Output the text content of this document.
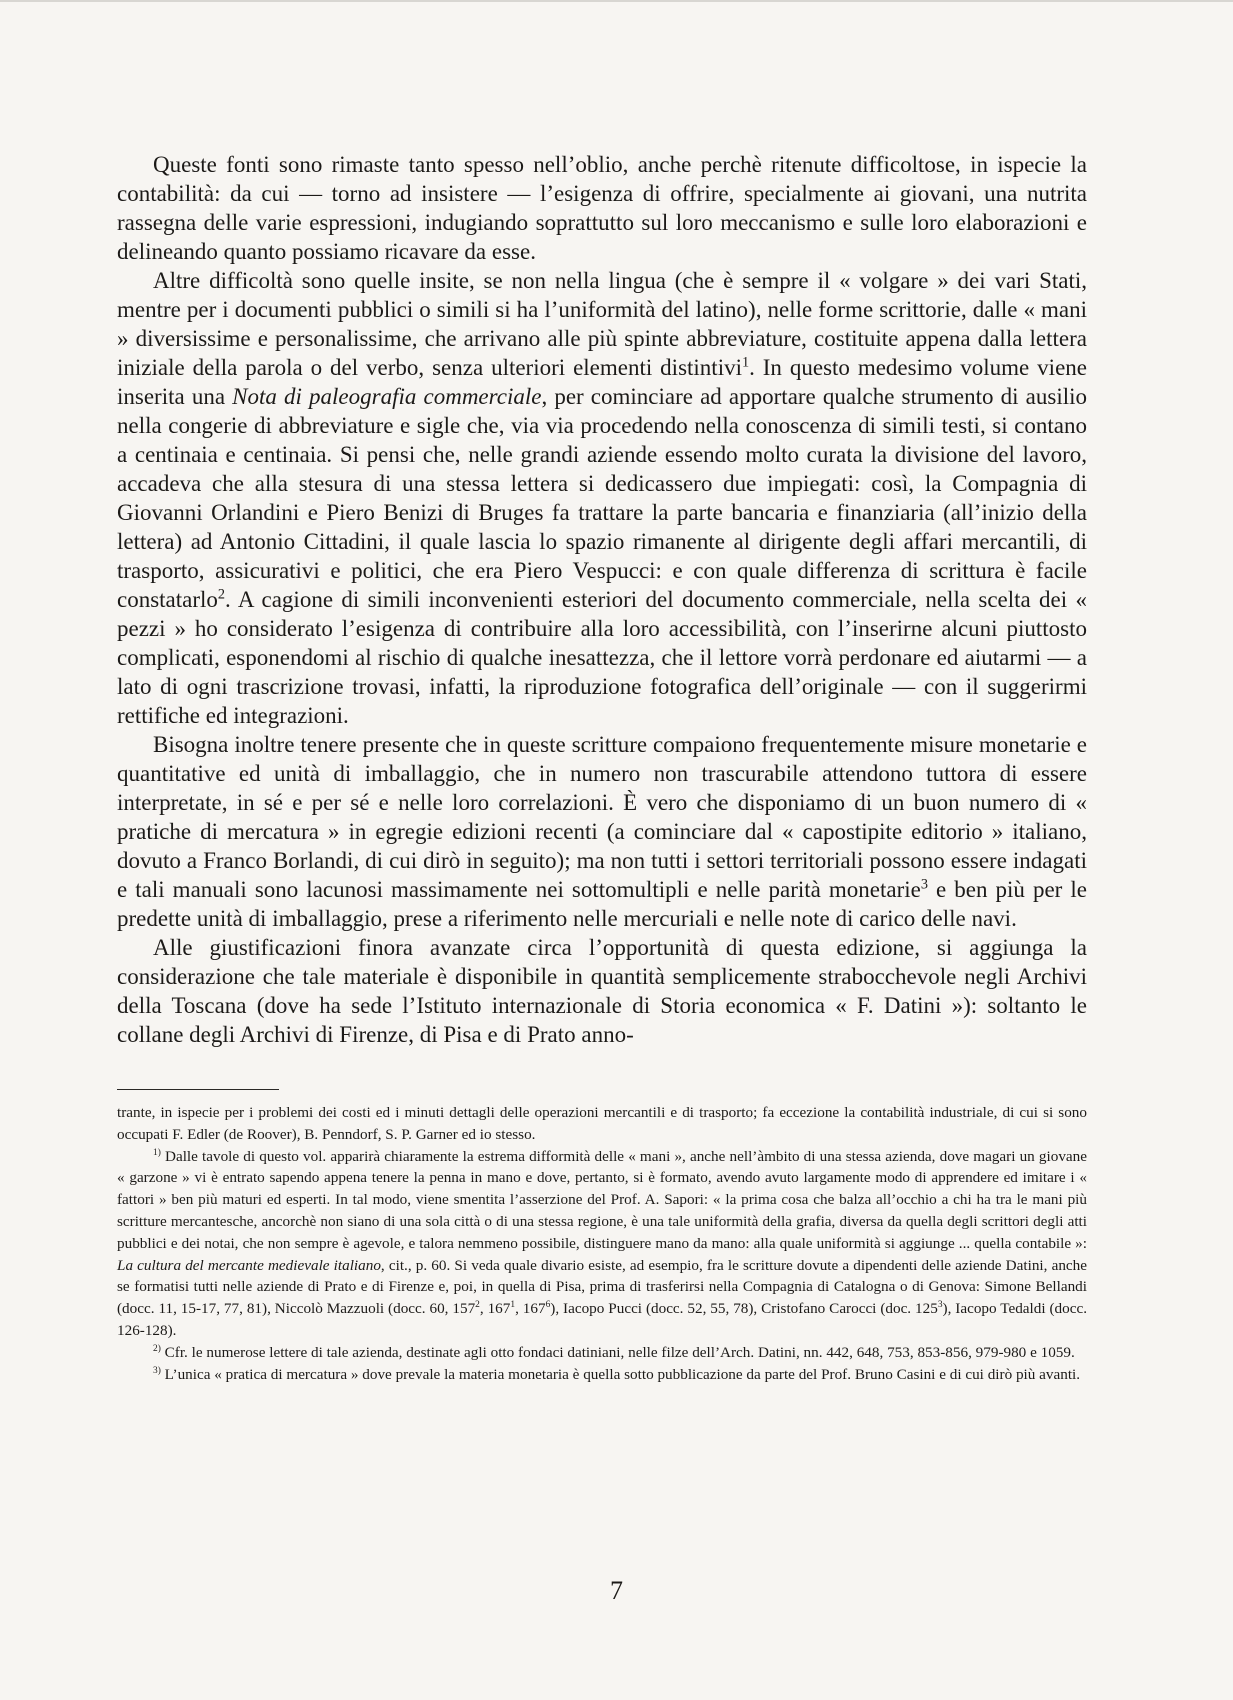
Queste fonti sono rimaste tanto spesso nell’oblio, anche perchè ritenute difficoltose, in ispecie la contabilità: da cui — torno ad insistere — l’esigenza di offrire, specialmente ai giovani, una nutrita rassegna delle varie espressioni, indugiando soprattutto sul loro meccanismo e sulle loro elaborazioni e delineando quanto possiamo ricavare da esse.

Altre difficoltà sono quelle insite, se non nella lingua (che è sempre il « volgare » dei vari Stati, mentre per i documenti pubblici o simili si ha l’uniformità del latino), nelle forme scrittorie, dalle « mani » diversissime e personalissime, che arrivano alle più spinte abbreviature, costituite appena dalla lettera iniziale della parola o del verbo, senza ulteriori elementi distintivi$^1$. In questo medesimo volume viene inserita una Nota di paleografia commerciale, per cominciare ad apportare qualche strumento di ausilio nella congerie di abbreviature e sigle che, via via procedendo nella conoscenza di simili testi, si contano a centinaia e centinaia. Si pensi che, nelle grandi aziende essendo molto curata la divisione del lavoro, accadeva che alla stesura di una stessa lettera si dedicassero due impiegati: così, la Compagnia di Giovanni Orlandini e Piero Benizi di Bruges fa trattare la parte bancaria e finanziaria (all’inizio della lettera) ad Antonio Cittadini, il quale lascia lo spazio rimanente al dirigente degli affari mercantili, di trasporto, assicurativi e politici, che era Piero Vespucci: e con quale differenza di scrittura è facile constatarlo$^2$. A cagione di simili inconvenienti esteriori del documento commerciale, nella scelta dei « pezzi » ho considerato l’esigenza di contribuire alla loro accessibilità, con l’inserirne alcuni piuttosto complicati, esponendomi al rischio di qualche inesattezza, che il lettore vorrà perdonare ed aiutarmi — a lato di ogni trascrizione trovasi, infatti, la riproduzione fotografica dell’originale — con il suggerirmi rettifiche ed integrazioni.

Bisogna inoltre tenere presente che in queste scritture compaiono frequentemente misure monetarie e quantitative ed unità di imballaggio, che in numero non trascurabile attendono tuttora di essere interpretate, in sé e per sé e nelle loro correlazioni. È vero che disponiamo di un buon numero di « pratiche di mercatura » in egregie edizioni recenti (a cominciare dal « capostipite editorio » italiano, dovuto a Franco Borlandi, di cui dirò in seguito); ma non tutti i settori territoriali possono essere indagati e tali manuali sono lacunosi massimamente nei sottomultipli e nelle parità monetarie$^3$ e ben più per le predette unità di imballaggio, prese a riferimento nelle mercuriali e nelle note di carico delle navi.

Alle giustificazioni finora avanzate circa l’opportunità di questa edizione, si aggiunga la considerazione che tale materiale è disponibile in quantità semplicemente strabocchevole negli Archivi della Toscana (dove ha sede l’Istituto internazionale di Storia economica « F. Datini »): soltanto le collane degli Archivi di Firenze, di Pisa e di Prato anno-

trante, in ispecie per i problemi dei costi ed i minuti dettagli delle operazioni mercantili e di trasporto; fa eccezione la contabilità industriale, di cui si sono occupati F. Edler (de Roover), B. Penndorf, S. P. Garner ed io stesso.

$^{1)}$ Dalle tavole di questo vol. apparirà chiaramente la estrema difformità delle « mani », anche nell’àmbito di una stessa azienda, dove magari un giovane « garzone » vi è entrato sapendo appena tenere la penna in mano e dove, pertanto, si è formato, avendo avuto largamente modo di apprendere ed imitare i « fattori » ben più maturi ed esperti. In tal modo, viene smentita l’asserzione del Prof. A. Sapori: « la prima cosa che balza all’occhio a chi ha tra le mani più scritture mercantesche, ancorchè non siano di una sola città o di una stessa regione, è una tale uniformità della grafia, diversa da quella degli scrittori degli atti pubblici e dei notai, che non sempre è agevole, e talora nemmeno possibile, distinguere mano da mano: alla quale uniformità si aggiunge ... quella contabile »: La cultura del mercante medievale italiano, cit., p. 60. Si veda quale divario esiste, ad esempio, fra le scritture dovute a dipendenti delle aziende Datini, anche se formatisi tutti nelle aziende di Prato e di Firenze e, poi, in quella di Pisa, prima di trasferirsi nella Compagnia di Catalogna o di Genova: Simone Bellandi (docc. 11, 15-17, 77, 81), Niccolò Mazzuoli (docc. 60, $157^2$, $167^1$, $167^6$), Iacopo Pucci (docc. 52, 55, 78), Cristofano Carocci (doc. $125^3$), Iacopo Tedaldi (docc. 126-128).

$^{2)}$ Cfr. le numerose lettere di tale azienda, destinate agli otto fondaci datiniani, nelle filze dell’Arch. Datini, nn. 442, 648, 753, 853-856, 979-980 e 1059.

$^{3)}$ L’unica « pratica di mercatura » dove prevale la materia monetaria è quella sotto pubblicazione da parte del Prof. Bruno Casini e di cui dirò più avanti.

7
